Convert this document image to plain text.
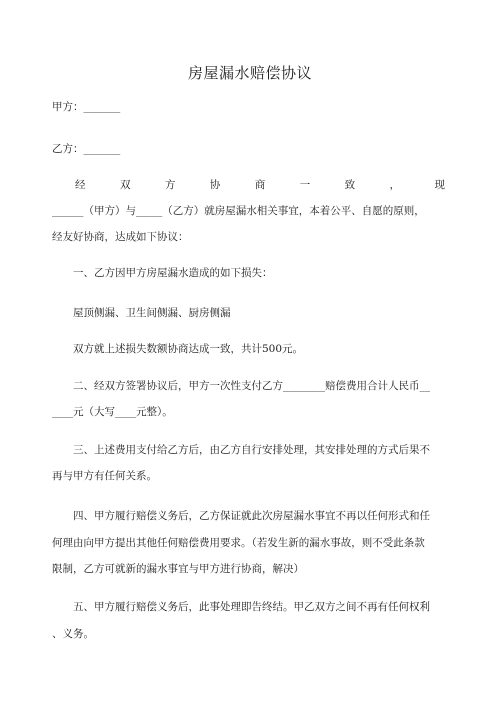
房屋漏水赔偿协议
甲方：_______
乙方：_______
经	双	方	协	商	一	致	，	现
______（甲方）与_____（乙方）就房屋漏水相关事宜，本着公平、自愿的原则，
经友好协商，达成如下协议：
一、乙方因甲方房屋漏水造成的如下损失：
屋顶侧漏、卫生间侧漏、厨房侧漏
双方就上述损失数额协商达成一致，共计500元。
二、经双方签署协议后，甲方一次性支付乙方________赔偿费用合计人民币__
____元（大写____元整）。
三、上述费用支付给乙方后，由乙方自行安排处理，其安排处理的方式后果不
再与甲方有任何关系。
四、甲方履行赔偿义务后，乙方保证就此次房屋漏水事宜不再以任何形式和任
何理由向甲方提出其他任何赔偿费用要求。（若发生新的漏水事故，则不受此条款
限制，乙方可就新的漏水事宜与甲方进行协商，解决）
五、甲方履行赔偿义务后，此事处理即告终结。甲乙双方之间不再有任何权利
、义务。
